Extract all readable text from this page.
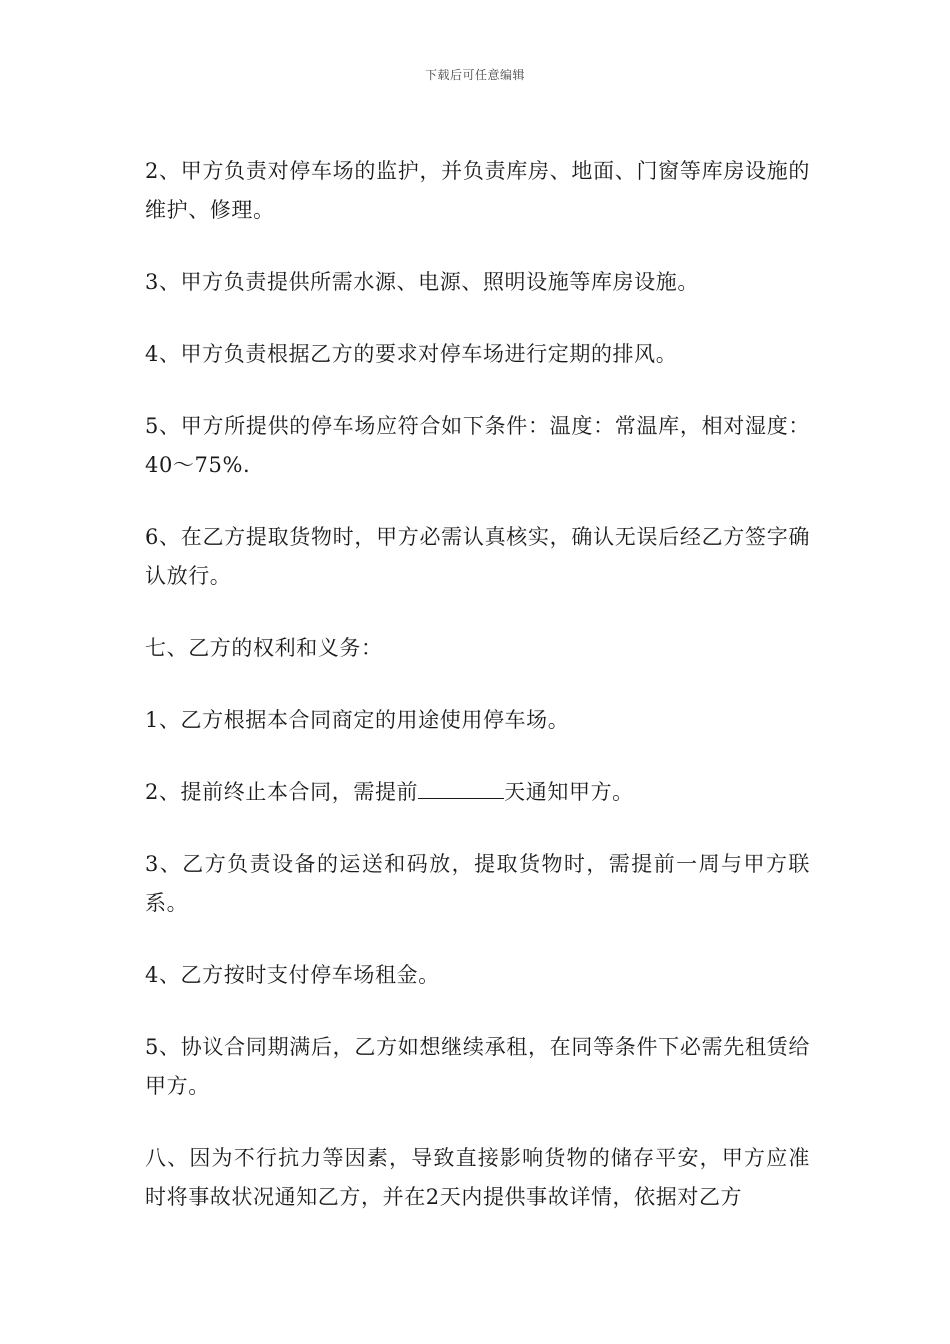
下载后可任意编辑

2、甲方负责对停车场的监护，并负责库房、地面、门窗等库房设施的维护、修理。

3、甲方负责提供所需水源、电源、照明设施等库房设施。

4、甲方负责根据乙方的要求对停车场进行定期的排风。

5、甲方所提供的停车场应符合如下条件：温度：常温库，相对湿度：40～75%.

6、在乙方提取货物时，甲方必需认真核实，确认无误后经乙方签字确认放行。

七、乙方的权利和义务：

1、乙方根据本合同商定的用途使用停车场。

2、提前终止本合同，需提前	天通知甲方。

3、乙方负责设备的运送和码放，提取货物时，需提前一周与甲方联系。

4、乙方按时支付停车场租金。

5、协议合同期满后，乙方如想继续承租，在同等条件下必需先租赁给甲方。

八、因为不行抗力等因素，导致直接影响货物的储存平安，甲方应准时将事故状况通知乙方，并在2天内提供事故详情，依据对乙方
